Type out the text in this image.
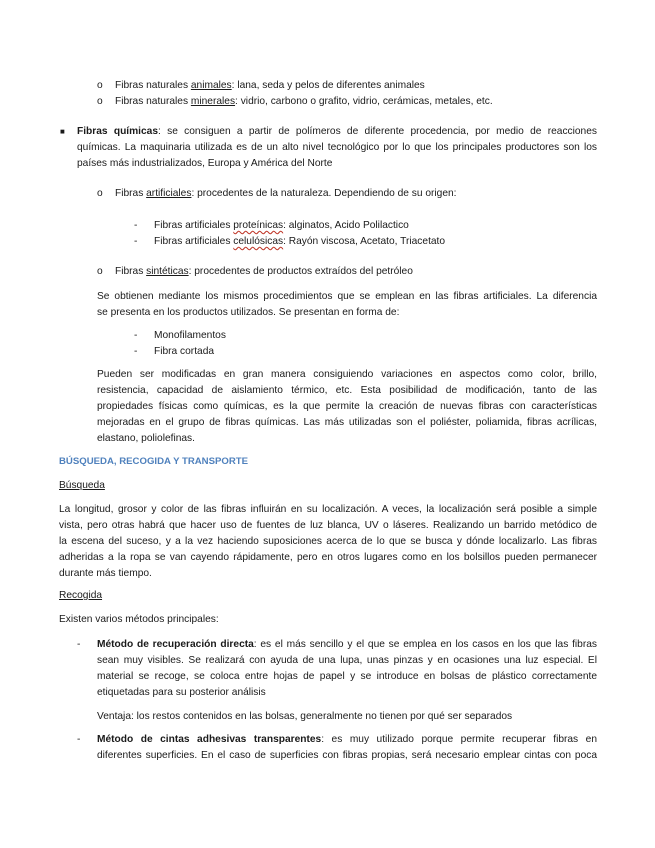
o Fibras naturales animales: lana, seda y pelos de diferentes animales
o Fibras naturales minerales: vidrio, carbono o grafito, vidrio, cerámicas, metales, etc.
■ Fibras químicas: se consiguen a partir de polímeros de diferente procedencia, por medio de reacciones
químicas. La maquinaria utilizada es de un alto nivel tecnológico por lo que los principales productores son los
países más industrializados, Europa y América del Norte
o Fibras artificiales: procedentes de la naturaleza. Dependiendo de su origen:
- Fibras artificiales proteínicas: alginatos, Acido Polilactico
- Fibras artificiales celulósicas: Rayón viscosa, Acetato, Triacetato
o Fibras sintéticas: procedentes de productos extraídos del petróleo
Se obtienen mediante los mismos procedimientos que se emplean en las fibras artificiales. La diferencia
se presenta en los productos utilizados. Se presentan en forma de:
- Monofilamentos
- Fibra cortada
Pueden ser modificadas en gran manera consiguiendo variaciones en aspectos como color, brillo,
resistencia, capacidad de aislamiento térmico, etc. Esta posibilidad de modificación, tanto de las
propiedades físicas como químicas, es la que permite la creación de nuevas fibras con características
mejoradas en el grupo de fibras químicas. Las más utilizadas son el poliéster, poliamida, fibras acrílicas,
elastano, poliolefinas.
BÚSQUEDA, RECOGIDA Y TRANSPORTE
Búsqueda
La longitud, grosor y color de las fibras influirán en su localización. A veces, la localización será posible a simple
vista, pero otras habrá que hacer uso de fuentes de luz blanca, UV o láseres. Realizando un barrido metódico de
la escena del suceso, y a la vez haciendo suposiciones acerca de lo que se busca y dónde localizarlo. Las fibras
adheridas a la ropa se van cayendo rápidamente, pero en otros lugares como en los bolsillos pueden permanecer
durante más tiempo.
Recogida
Existen varios métodos principales:
- Método de recuperación directa: es el más sencillo y el que se emplea en los casos en los que las fibras
sean muy visibles. Se realizará con ayuda de una lupa, unas pinzas y en ocasiones una luz especial. El
material se recoge, se coloca entre hojas de papel y se introduce en bolsas de plástico correctamente
etiquetadas para su posterior análisis
Ventaja: los restos contenidos en las bolsas, generalmente no tienen por qué ser separados
- Método de cintas adhesivas transparentes: es muy utilizado porque permite recuperar fibras en
diferentes superficies. En el caso de superficies con fibras propias, será necesario emplear cintas con poca
